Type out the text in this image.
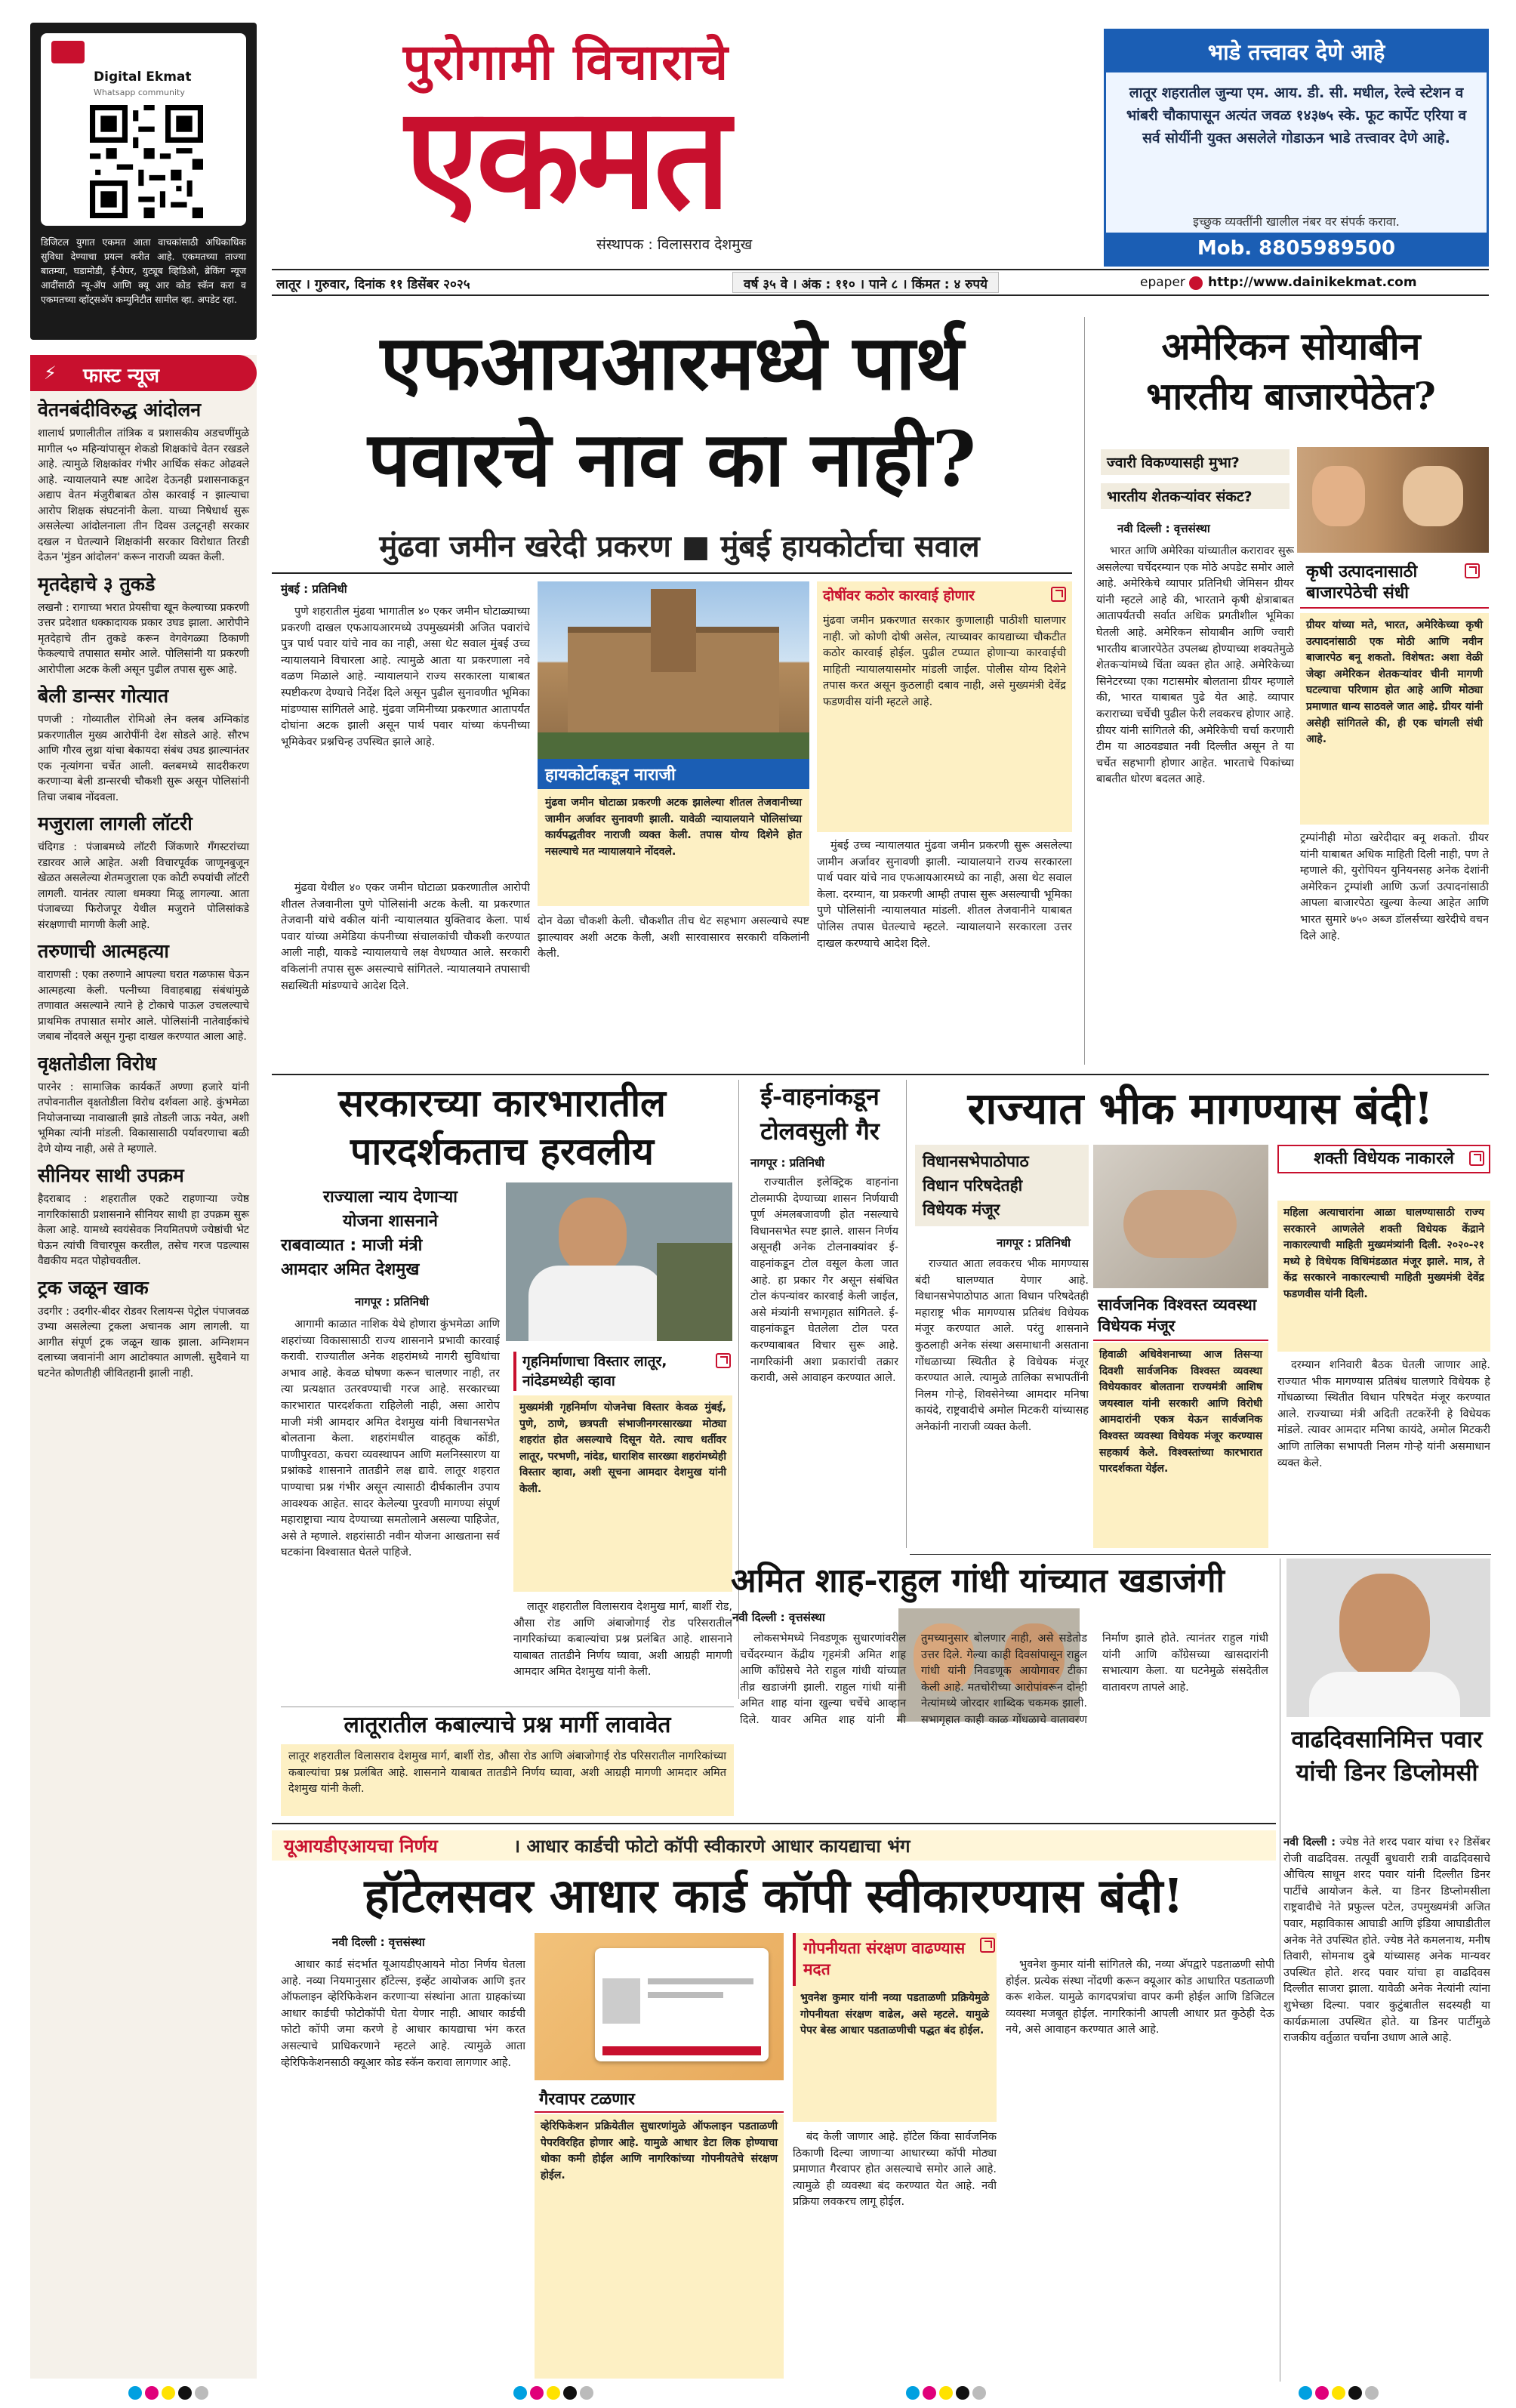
Digital Ekmat
Whatsapp community
डिजिटल युगात एकमत आता वाचकांसाठी अधिकाधिक सुविधा देण्याचा प्रयत्न करीत आहे. एकमतच्या ताज्या बातम्या, घडामोडी, ई-पेपर, युट्यूब व्हिडिओ, ब्रेकिंग न्यूज आदींसाठी न्यू-ॲप आणि क्यू आर कोड स्कॅन करा व एकमतच्या व्हॉट्सअ‍ॅप कम्युनिटीत सामील व्हा. अपडेट रहा.
पुरोगामी विचाराचे
एकमत
संस्थापक : विलासराव देशमुख
भाडे तत्त्वावर देणे आहे
लातूर शहरातील जुन्या एम. आय. डी. सी. मधील, रेल्वे स्टेशन व भांबरी चौकापासून अत्यंत जवळ १४३७५ स्के. फूट कार्पेट एरिया व सर्व सोयींनी युक्त असलेले गोडाऊन भाडे तत्त्वावर देणे आहे.
इच्छुक व्यक्तींनी खालील नंबर वर संपर्क करावा.
Mob. 8805989500
लातूर । गुरुवार, दिनांक ११ डिसेंबर २०२५	वर्ष ३५ वे । अंक : ११० । पाने ८ । किंमत : ४ रुपये	epaper http://www.dainikekmat.com
⚡ फास्ट न्यूज
वेतनबंदीविरुद्ध आंदोलन
शालार्थ प्रणालीतील तांत्रिक व प्रशासकीय अडचणींमुळे मागील ५० महिन्यांपासून शेकडो शिक्षकांचे वेतन रखडले आहे. त्यामुळे शिक्षकांवर गंभीर आर्थिक संकट ओढवले आहे. न्यायालयाने स्पष्ट आदेश देऊनही प्रशासनाकडून अद्याप वेतन मंजुरीबाबत ठोस कारवाई न झाल्याचा आरोप शिक्षक संघटनांनी केला. याच्या निषेधार्थ सुरू असलेल्या आंदोलनाला तीन दिवस उलटूनही सरकार दखल न घेतल्याने शिक्षकांनी सरकार विरोधात तिरडी देऊन 'मुंडन आंदोलन' करून नाराजी व्यक्त केली.
मृतदेहाचे ३ तुकडे
लखनौ : रागाच्या भरात प्रेयसीचा खून केल्याच्या प्रकरणी उत्तर प्रदेशात धक्कादायक प्रकार उघड झाला. आरोपीने मृतदेहाचे तीन तुकडे करून वेगवेगळ्या ठिकाणी फेकल्याचे तपासात समोर आले. पोलिसांनी या प्रकरणी आरोपीला अटक केली असून पुढील तपास सुरू आहे.
बेली डान्सर गोत्यात
पणजी : गोव्यातील रोमिओ लेन क्लब अग्निकांड प्रकरणातील मुख्य आरोपींनी देश सोडले आहे. सौरभ आणि गौरव लुथ्रा यांचा बेकायदा संबंध उघड झाल्यानंतर एक नृत्यांगना चर्चेत आली. क्लबमध्ये सादरीकरण करणाऱ्या बेली डान्सरची चौकशी सुरू असून पोलिसांनी तिचा जबाब नोंदवला.
मजुराला लागली लॉटरी
चंदिगड : पंजाबमध्ये लॉटरी जिंकणारे गँगस्टरांच्या रडारवर आले आहेत. अशी विचारपूर्वक जाणूनबुजून खेळत असलेल्या शेतमजुराला एक कोटी रुपयांची लॉटरी लागली. यानंतर त्याला धमक्या मिळू लागल्या. आता पंजाबच्या फिरोजपूर येथील मजुराने पोलिसांकडे संरक्षणाची मागणी केली आहे.
तरुणाची आत्महत्या
वाराणसी : एका तरुणाने आपल्या घरात गळफास घेऊन आत्महत्या केली. पत्नीच्या विवाहबाह्य संबंधांमुळे तणावात असल्याने त्याने हे टोकाचे पाऊल उचलल्याचे प्राथमिक तपासात समोर आले. पोलिसांनी नातेवाईकांचे जबाब नोंदवले असून गुन्हा दाखल करण्यात आला आहे.
वृक्षतोडीला विरोध
पारनेर : सामाजिक कार्यकर्ते अण्णा हजारे यांनी तपोवनातील वृक्षतोडीला विरोध दर्शवला आहे. कुंभमेळा नियोजनाच्या नावाखाली झाडे तोडली जाऊ नयेत, अशी भूमिका त्यांनी मांडली. विकासासाठी पर्यावरणाचा बळी देणे योग्य नाही, असे ते म्हणाले.
सीनियर साथी उपक्रम
हैदराबाद : शहरातील एकटे राहणाऱ्या ज्येष्ठ नागरिकांसाठी प्रशासनाने सीनियर साथी हा उपक्रम सुरू केला आहे. यामध्ये स्वयंसेवक नियमितपणे ज्येष्ठांची भेट घेऊन त्यांची विचारपूस करतील, तसेच गरज पडल्यास वैद्यकीय मदत पोहोचवतील.
ट्रक जळून खाक
उदगीर : उदगीर-बीदर रोडवर रिलायन्स पेट्रोल पंपाजवळ उभ्या असलेल्या ट्रकला अचानक आग लागली. या आगीत संपूर्ण ट्रक जळून खाक झाला. अग्निशमन दलाच्या जवानांनी आग आटोक्यात आणली. सुदैवाने या घटनेत कोणतीही जीवितहानी झाली नाही.
एफआयआरमध्ये पार्थ
पवारचे नाव का नाही?
मुंढवा जमीन खरेदी प्रकरण ■ मुंबई हायकोर्टाचा सवाल
मुंबई : प्रतिनिधी
पुणे शहरातील मुंढवा भागातील ४० एकर जमीन घोटाळ्याच्या प्रकरणी दाखल एफआयआरमध्ये उपमुख्यमंत्री अजित पवारांचे पुत्र पार्थ पवार यांचे नाव का नाही, असा थेट सवाल मुंबई उच्च न्यायालयाने विचारला आहे. त्यामुळे आता या प्रकरणाला नवे वळण मिळाले आहे. न्यायालयाने राज्य सरकारला याबाबत स्पष्टीकरण देण्याचे निर्देश दिले असून पुढील सुनावणीत भूमिका मांडण्यास सांगितले आहे. मुंढवा जमिनीच्या प्रकरणात आतापर्यंत दोघांना अटक झाली असून पार्थ पवार यांच्या कंपनीच्या भूमिकेवर प्रश्नचिन्ह उपस्थित झाले आहे.
मुंढवा येथील ४० एकर जमीन घोटाळा प्रकरणातील आरोपी शीतल तेजवानीला पुणे पोलिसांनी अटक केली. या प्रकरणात तेजवानी यांचे वकील यांनी न्यायालयात युक्तिवाद केला. पार्थ पवार यांच्या अमेडिया कंपनीच्या संचालकांची चौकशी करण्यात आली नाही, याकडे न्यायालयाचे लक्ष वेधण्यात आले. सरकारी वकिलांनी तपास सुरू असल्याचे सांगितले. न्यायालयाने तपासाची सद्यस्थिती मांडण्याचे आदेश दिले.
हायकोर्टाकडून नाराजी
मुंढवा जमीन घोटाळा प्रकरणी अटक झालेल्या शीतल तेजवानीच्या जामीन अर्जावर सुनावणी झाली. यावेळी न्यायालयाने पोलिसांच्या कार्यपद्धतीवर नाराजी व्यक्त केली. तपास योग्य दिशेने होत नसल्याचे मत न्यायालयाने नोंदवले.
दोन वेळा चौकशी केली. चौकशीत तीच थेट सहभाग असल्याचे स्पष्ट झाल्यावर अशी अटक केली, अशी सारवासारव सरकारी वकिलांनी केली.
दोषींवर कठोर कारवाई होणार
मुंढवा जमीन प्रकरणात सरकार कुणालाही पाठीशी घालणार नाही. जो कोणी दोषी असेल, त्याच्यावर कायद्याच्या चौकटीत कठोर कारवाई होईल. पुढील टप्प्यात होणाऱ्या कारवाईची माहिती न्यायालयासमोर मांडली जाईल. पोलीस योग्य दिशेने तपास करत असून कुठलाही दबाव नाही, असे मुख्यमंत्री देवेंद्र फडणवीस यांनी म्हटले आहे.
मुंबई उच्च न्यायालयात मुंढवा जमीन प्रकरणी सुरू असलेल्या जामीन अर्जावर सुनावणी झाली. न्यायालयाने राज्य सरकारला पार्थ पवार यांचे नाव एफआयआरमध्ये का नाही, असा थेट सवाल केला. दरम्यान, या प्रकरणी आम्ही तपास सुरू असल्याची भूमिका पुणे पोलिसांनी न्यायालयात मांडली. शीतल तेजवानीने याबाबत पोलिस तपास घेतल्याचे म्हटले. न्यायालयाने सरकारला उत्तर दाखल करण्याचे आदेश दिले.
अमेरिकन सोयाबीन
भारतीय बाजारपेठेत?
ज्वारी विकण्यासही मुभा?
भारतीय शेतकऱ्यांवर संकट?
नवी दिल्ली : वृत्तसंस्था
भारत आणि अमेरिका यांच्यातील करारावर सुरू असलेल्या चर्चेदरम्यान एक मोठे अपडेट समोर आले आहे. अमेरिकेचे व्यापार प्रतिनिधी जेमिसन ग्रीयर यांनी म्हटले आहे की, भारताने कृषी क्षेत्राबाबत आतापर्यंतची सर्वात अधिक प्रगतीशील भूमिका घेतली आहे. अमेरिकन सोयाबीन आणि ज्वारी भारतीय बाजारपेठेत उपलब्ध होण्याच्या शक्यतेमुळे शेतकऱ्यांमध्ये चिंता व्यक्त होत आहे. अमेरिकेच्या सिनेटरच्या एका गटासमोर बोलताना ग्रीयर म्हणाले की, भारत याबाबत पुढे येत आहे. व्यापार कराराच्या चर्चेची पुढील फेरी लवकरच होणार आहे. ग्रीयर यांनी सांगितले की, अमेरिकेची चर्चा करणारी टीम या आठवड्यात नवी दिल्लीत असून ते या चर्चेत सहभागी होणार आहेत. भारताचे पिकांच्या बाबतीत धोरण बदलत आहे.
कृषी उत्पादनासाठी बाजारपेठेची संधी
ग्रीयर यांच्या मते, भारत, अमेरिकेच्या कृषी उत्पादनांसाठी एक मोठी आणि नवीन बाजारपेठ बनू शकतो. विशेषत: अशा वेळी जेव्हा अमेरिकन शेतकऱ्यांवर चीनी मागणी घटल्याचा परिणाम होत आहे आणि मोठ्या प्रमाणात धान्य साठवले जात आहे. ग्रीयर यांनी असेही सांगितले की, ही एक चांगली संधी आहे.
ट्रम्पांनीही मोठा खरेदीदार बनू शकतो. ग्रीयर यांनी याबाबत अधिक माहिती दिली नाही, पण ते म्हणाले की, युरोपियन युनियनसह अनेक देशांनी अमेरिकन ट्रम्पांशी आणि ऊर्जा उत्पादनांसाठी आपला बाजारपेठा खुल्या केल्या आहेत आणि भारत सुमारे ७५० अब्ज डॉलर्सच्या खरेदीचे वचन दिले आहे.
सरकारच्या कारभारातील
पारदर्शकताच हरवलीय
राज्याला न्याय देणाऱ्या
योजना शासनाने
राबवाव्यात : माजी मंत्री
आमदार अमित देशमुख
नागपूर : प्रतिनिधी
आगामी काळात नाशिक येथे होणारा कुंभमेळा आणि शहरांच्या विकासासाठी राज्य शासनाने प्रभावी कारवाई करावी. राज्यातील अनेक शहरांमध्ये नागरी सुविधांचा अभाव आहे. केवळ घोषणा करून चालणार नाही, तर त्या प्रत्यक्षात उतरवण्याची गरज आहे. सरकारच्या कारभारात पारदर्शकता राहिलेली नाही, असा आरोप माजी मंत्री आमदार अमित देशमुख यांनी विधानसभेत बोलताना केला. शहरांमधील वाहतूक कोंडी, पाणीपुरवठा, कचरा व्यवस्थापन आणि मलनिस्सारण या प्रश्नांकडे शासनाने तातडीने लक्ष द्यावे. लातूर शहरात पाण्याचा प्रश्न गंभीर असून त्यासाठी दीर्घकालीन उपाय आवश्यक आहेत. सादर केलेल्या पुरवणी मागण्या संपूर्ण महाराष्ट्राचा न्याय देण्याच्या समतोलाने असल्या पाहिजेत, असे ते म्हणाले. शहरांसाठी नवीन योजना आखताना सर्व घटकांना विश्वासात घेतले पाहिजे.
गृहनिर्माणाचा विस्तार लातूर, नांदेडमध्येही व्हावा
मुख्यमंत्री गृहनिर्माण योजनेचा विस्तार केवळ मुंबई, पुणे, ठाणे, छत्रपती संभाजीनगरसारख्या मोठ्या शहरांत होत असल्याचे दिसून येते. त्याच धर्तीवर लातूर, परभणी, नांदेड, धाराशिव सारख्या शहरांमध्येही विस्तार व्हावा, अशी सूचना आमदार देशमुख यांनी केली.
लातूर शहरातील विलासराव देशमुख मार्ग, बार्शी रोड, औसा रोड आणि अंबाजोगाई रोड परिसरातील नागरिकांच्या कबाल्यांचा प्रश्न प्रलंबित आहे. शासनाने याबाबत तातडीने निर्णय घ्यावा, अशी आग्रही मागणी आमदार अमित देशमुख यांनी केली.
ई-वाहनांकडून
टोलवसुली गैर
नागपूर : प्रतिनिधी
राज्यातील इलेक्ट्रिक वाहनांना टोलमाफी देण्याच्या शासन निर्णयाची पूर्ण अंमलबजावणी होत नसल्याचे विधानसभेत स्पष्ट झाले. शासन निर्णय असूनही अनेक टोलनाक्यांवर ई-वाहनांकडून टोल वसूल केला जात आहे. हा प्रकार गैर असून संबंधित टोल कंपन्यांवर कारवाई केली जाईल, असे मंत्र्यांनी सभागृहात सांगितले. ई-वाहनांकडून घेतलेला टोल परत करण्याबाबत विचार सुरू आहे. नागरिकांनी अशा प्रकारांची तक्रार करावी, असे आवाहन करण्यात आले.
राज्यात भीक मागण्यास बंदी!
विधानसभेपाठोपाठ
विधान परिषदेतही
विधेयक मंजूर
नागपूर : प्रतिनिधी
राज्यात आता लवकरच भीक मागण्यास बंदी घालण्यात येणार आहे. विधानसभेपाठोपाठ आता विधान परिषदेतही महाराष्ट्र भीक मागण्यास प्रतिबंध विधेयक मंजूर करण्यात आले. परंतु शासनाने कुठलाही अनेक संस्था असमाधानी असताना गोंधळाच्या स्थितीत हे विधेयक मंजूर करण्यात आले. त्यामुळे तालिका सभापतींनी निलम गोऱ्हे, शिवसेनेच्या आमदार मनिषा कायंदे, राष्ट्रवादीचे अमोल मिटकरी यांच्यासह अनेकांनी नाराजी व्यक्त केली.
सार्वजनिक विश्वस्त व्यवस्था विधेयक मंजूर
हिवाळी अधिवेशनाच्या आज तिसऱ्या दिवशी सार्वजनिक विश्वस्त व्यवस्था विधेयकावर बोलताना राज्यमंत्री आशिष जयस्वाल यांनी सरकारी आणि विरोधी आमदारांनी एकत्र येऊन सार्वजनिक विश्वस्त व्यवस्था विधेयक मंजूर करण्यास सहकार्य केले. विश्वस्तांच्या कारभारात पारदर्शकता येईल.
शक्ती विधेयक नाकारले
महिला अत्याचारांना आळा घालण्यासाठी राज्य सरकारने आणलेले शक्ती विधेयक केंद्राने नाकारल्याची माहिती मुख्यमंत्र्यांनी दिली. २०२०-२१ मध्ये हे विधेयक विधिमंडळात मंजूर झाले. मात्र, ते केंद्र सरकारने नाकारल्याची माहिती मुख्यमंत्री देवेंद्र फडणवीस यांनी दिली.
दरम्यान शनिवारी बैठक घेतली जाणार आहे. राज्यात भीक मागण्यास प्रतिबंध घालणारे विधेयक हे गोंधळाच्या स्थितीत विधान परिषदेत मंजूर करण्यात आले. राज्याच्या मंत्री अदिती तटकरेंनी हे विधेयक मांडले. त्यावर आमदार मनिषा कायंदे, अमोल मिटकरी आणि तालिका सभापती निलम गोऱ्हे यांनी असमाधान व्यक्त केले.
अमित शाह-राहुल गांधी यांच्यात खडाजंगी
नवी दिल्ली : वृत्तसंस्था
लोकसभेमध्ये निवडणूक सुधारणांवरील चर्चेदरम्यान केंद्रीय गृहमंत्री अमित शाह आणि काँग्रेसचे नेते राहुल गांधी यांच्यात तीव्र खडाजंगी झाली. राहुल गांधी यांनी अमित शाह यांना खुल्या चर्चेचे आव्हान दिले. यावर अमित शाह यांनी मी तुमच्यानुसार बोलणार नाही, असे सडेतोड उत्तर दिले. गेल्या काही दिवसांपासून राहुल गांधी यांनी निवडणूक आयोगावर टीका केली आहे. मतचोरीच्या आरोपांवरून दोन्ही नेत्यांमध्ये जोरदार शाब्दिक चकमक झाली. सभागृहात काही काळ गोंधळाचे वातावरण निर्माण झाले होते. त्यानंतर राहुल गांधी यांनी आणि काँग्रेसच्या खासदारांनी सभात्याग केला. या घटनेमुळे संसदेतील वातावरण तापले आहे.
वाढदिवसानिमित्त पवार यांची डिनर डिप्लोमसी
नवी दिल्ली : ज्येष्ठ नेते शरद पवार यांचा १२ डिसेंबर रोजी वाढदिवस. तत्पूर्वी बुधवारी रात्री वाढदिवसाचे औचित्य साधून शरद पवार यांनी दिल्लीत डिनर पार्टीचे आयोजन केले. या डिनर डिप्लोमसीला राष्ट्रवादीचे नेते प्रफुल्ल पटेल, उपमुख्यमंत्री अजित पवार, महाविकास आघाडी आणि इंडिया आघाडीतील अनेक नेते उपस्थित होते. ज्येष्ठ नेते कमलनाथ, मनीष तिवारी, सोमनाथ दुबे यांच्यासह अनेक मान्यवर उपस्थित होते. शरद पवार यांचा हा वाढदिवस दिल्लीत साजरा झाला. यावेळी अनेक नेत्यांनी त्यांना शुभेच्छा दिल्या. पवार कुटुंबातील सदस्यही या कार्यक्रमाला उपस्थित होते. या डिनर पार्टीमुळे राजकीय वर्तुळात चर्चांना उधाण आले आहे.
लातूरातील कबाल्याचे प्रश्न मार्गी लावावेत
लातूर शहरातील विलासराव देशमुख मार्ग, बार्शी रोड, औसा रोड आणि अंबाजोगाई रोड परिसरातील नागरिकांच्या कबाल्यांचा प्रश्न प्रलंबित आहे. शासनाने याबाबत तातडीने निर्णय घ्यावा, अशी आग्रही मागणी आमदार अमित देशमुख यांनी केली.
यूआयडीएआयचा निर्णय	। आधार कार्डची फोटो कॉपी स्वीकारणे आधार कायद्याचा भंग
हॉटेलसवर आधार कार्ड कॉपी स्वीकारण्यास बंदी!
नवी दिल्ली : वृत्तसंस्था
आधार कार्ड संदर्भात यूआयडीएआयने मोठा निर्णय घेतला आहे. नव्या नियमानुसार हॉटेल्स, इव्हेंट आयोजक आणि इतर ऑफलाइन व्हेरिफिकेशन करणाऱ्या संस्थांना आता ग्राहकांच्या आधार कार्डची फोटोकॉपी घेता येणार नाही. आधार कार्डची फोटो कॉपी जमा करणे हे आधार कायद्याचा भंग करत असल्याचे प्राधिकरणाने म्हटले आहे. त्यामुळे आता व्हेरिफिकेशनसाठी क्यूआर कोड स्कॅन करावा लागणार आहे.
गैरवापर टळणार
व्हेरिफिकेशन प्रक्रियेतील सुधारणांमुळे ऑफलाइन पडताळणी पेपरविरहित होणार आहे. यामुळे आधार डेटा लिक होण्याचा धोका कमी होईल आणि नागरिकांच्या गोपनीयतेचे संरक्षण होईल.
गोपनीयता संरक्षण वाढण्यास मदत
भुवनेश कुमार यांनी नव्या पडताळणी प्रक्रियेमुळे गोपनीयता संरक्षण वाढेल, असे म्हटले. यामुळे पेपर बेस्ड आधार पडताळणीची पद्धत बंद होईल.
बंद केली जाणार आहे. हॉटेल किंवा सार्वजनिक ठिकाणी दिल्या जाणाऱ्या आधारच्या कॉपी मोठ्या प्रमाणात गैरवापर होत असल्याचे समोर आले आहे. त्यामुळे ही व्यवस्था बंद करण्यात येत आहे. नवी प्रक्रिया लवकरच लागू होईल.
भुवनेश कुमार यांनी सांगितले की, नव्या अ‍ॅपद्वारे पडताळणी सोपी होईल. प्रत्येक संस्था नोंदणी करून क्यूआर कोड आधारित पडताळणी करू शकेल. यामुळे कागदपत्रांचा वापर कमी होईल आणि डिजिटल व्यवस्था मजबूत होईल. नागरिकांनी आपली आधार प्रत कुठेही देऊ नये, असे आवाहन करण्यात आले आहे.
